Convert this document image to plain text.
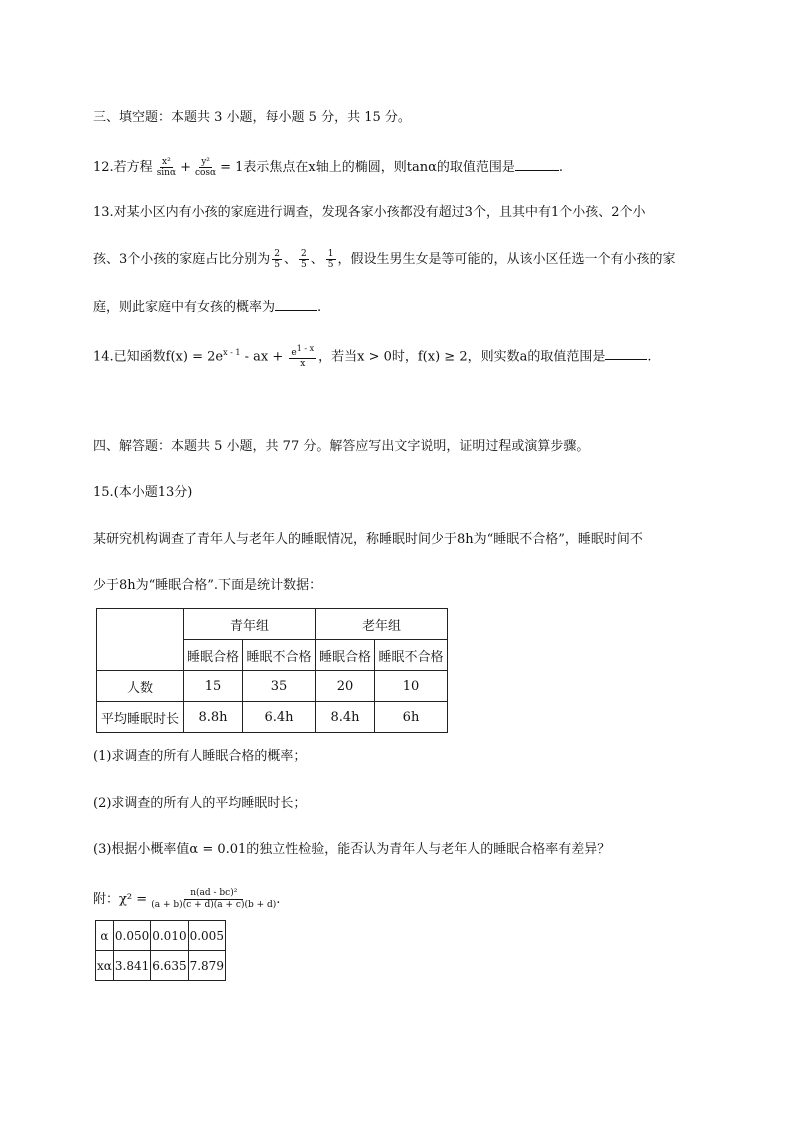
三、填空题：本题共 3 小题，每小题 5 分，共 15 分。
12.若方程 $\frac{\text{x²}}{\sin\alpha} + \frac{\text{y²}}{\cos\alpha} = 1$表示焦点在x轴上的椭圆，则tanα的取值范围是	.
13.对某小区内有小孩的家庭进行调查，发现各家小孩都没有超过3个，且其中有1个小孩、2个小
孩、3个小孩的家庭占比分别为 $\frac{2}{5}$ 、 $\frac{2}{5}$ 、 $\frac{1}{5}$ ，假设生男生女是等可能的，从该小区任选一个有小孩的家
庭，则此家庭中有女孩的概率为	.
14.已知函数$f(x) = 2e^{x - 1}$ - ax + $\frac{e^{1 - x}}{x}$ ，若当x > 0时，f(x) ≥ 2，则实数a的取值范围是	.
四、解答题：本题共 5 小题，共 77 分。解答应写出文字说明，证明过程或演算步骤。
15.(本小题13分)
某研究机构调查了青年人与老年人的睡眠情况，称睡眠时间少于8h为“睡眠不合格”，睡眠时间不
少于8h为“睡眠合格”.下面是统计数据：
	青年组		老年组	
	睡眠合格	睡眠不合格	睡眠合格	睡眠不合格
人数	15	35	20	10
平均睡眠时长	8.8h	6.4h	8.4h	6h
(1)求调查的所有人睡眠合格的概率；
(2)求调查的所有人的平均睡眠时长；
(3)根据小概率值α = 0.01的独立性检验，能否认为青年人与老年人的睡眠合格率有差异？
附：$\chi^2 = \frac{\text{n(ad - bc)²}}{(a + b)(c + d)(a + c)(b + d)}$ .
α	0.050	0.010	0.005
xα	3.841	6.635	7.879
